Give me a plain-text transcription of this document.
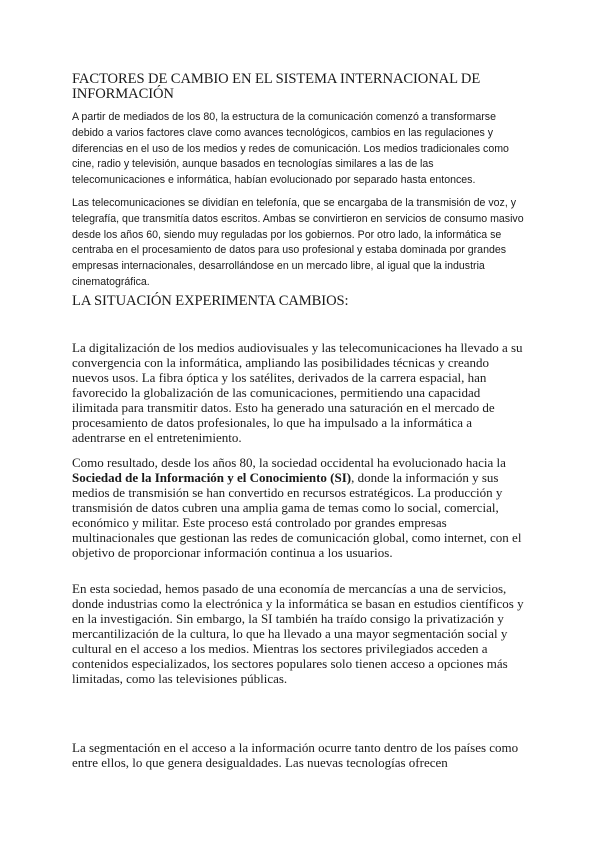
FACTORES DE CAMBIO EN EL SISTEMA INTERNACIONAL DE INFORMACIÓN

A partir de mediados de los 80, la estructura de la comunicación comenzó a transformarse debido a varios factores clave como avances tecnológicos, cambios en las regulaciones y diferencias en el uso de los medios y redes de comunicación. Los medios tradicionales como cine, radio y televisión, aunque basados en tecnologías similares a las de las telecomunicaciones e informática, habían evolucionado por separado hasta entonces.

Las telecomunicaciones se dividían en telefonía, que se encargaba de la transmisión de voz, y telegrafía, que transmitía datos escritos. Ambas se convirtieron en servicios de consumo masivo desde los años 60, siendo muy reguladas por los gobiernos. Por otro lado, la informática se centraba en el procesamiento de datos para uso profesional y estaba dominada por grandes empresas internacionales, desarrollándose en un mercado libre, al igual que la industria cinematográfica.

LA SITUACIÓN EXPERIMENTA CAMBIOS:

La digitalización de los medios audiovisuales y las telecomunicaciones ha llevado a su convergencia con la informática, ampliando las posibilidades técnicas y creando nuevos usos. La fibra óptica y los satélites, derivados de la carrera espacial, han favorecido la globalización de las comunicaciones, permitiendo una capacidad ilimitada para transmitir datos. Esto ha generado una saturación en el mercado de procesamiento de datos profesionales, lo que ha impulsado a la informática a adentrarse en el entretenimiento.

Como resultado, desde los años 80, la sociedad occidental ha evolucionado hacia la Sociedad de la Información y el Conocimiento (SI), donde la información y sus medios de transmisión se han convertido en recursos estratégicos. La producción y transmisión de datos cubren una amplia gama de temas como lo social, comercial, económico y militar. Este proceso está controlado por grandes empresas multinacionales que gestionan las redes de comunicación global, como internet, con el objetivo de proporcionar información continua a los usuarios.

En esta sociedad, hemos pasado de una economía de mercancías a una de servicios, donde industrias como la electrónica y la informática se basan en estudios científicos y en la investigación. Sin embargo, la SI también ha traído consigo la privatización y mercantilización de la cultura, lo que ha llevado a una mayor segmentación social y cultural en el acceso a los medios. Mientras los sectores privilegiados acceden a contenidos especializados, los sectores populares solo tienen acceso a opciones más limitadas, como las televisiones públicas.

La segmentación en el acceso a la información ocurre tanto dentro de los países como entre ellos, lo que genera desigualdades. Las nuevas tecnologías ofrecen
